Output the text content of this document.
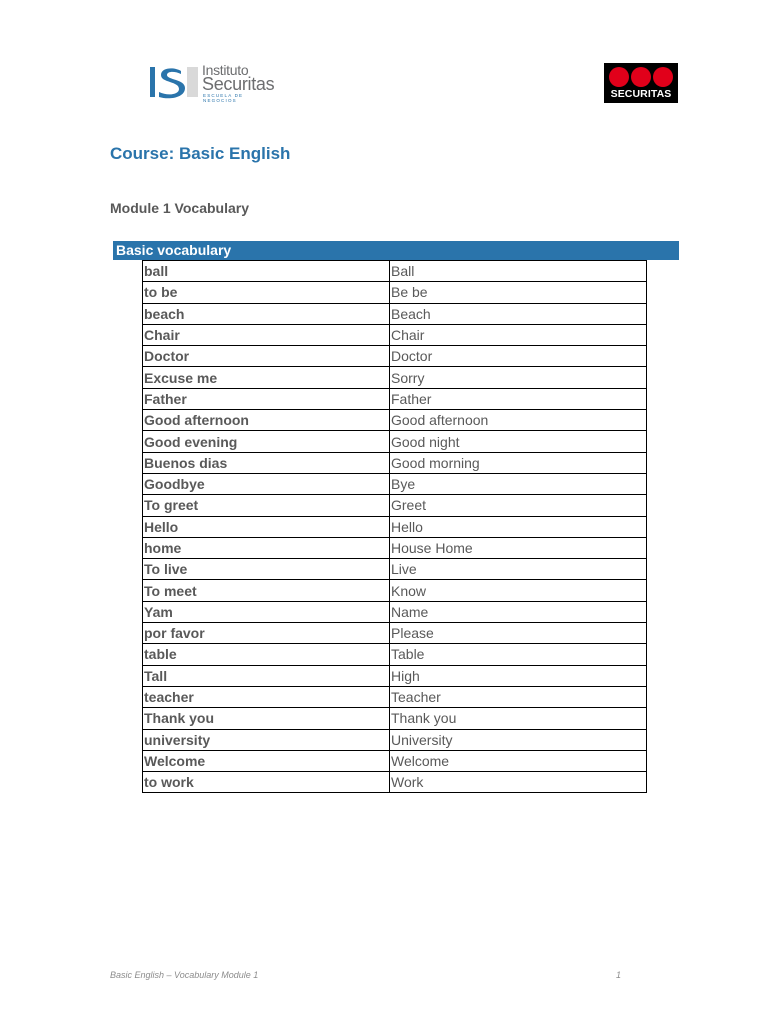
Instituto
Securitas
ESCUELA DE NEGOCIOS
SECURITAS
Course: Basic English
Module 1 Vocabulary
Basic vocabulary
ball	Ball
to be	Be be
beach	Beach
Chair	Chair
Doctor	Doctor
Excuse me	Sorry
Father	Father
Good afternoon	Good afternoon
Good evening	Good night
Buenos dias	Good morning
Goodbye	Bye
To greet	Greet
Hello	Hello
home	House Home
To live	Live
To meet	Know
Yam	Name
por favor	Please
table	Table
Tall	High
teacher	Teacher
Thank you	Thank you
university	University
Welcome	Welcome
to work	Work
Basic English – Vocabulary Module 1	1
